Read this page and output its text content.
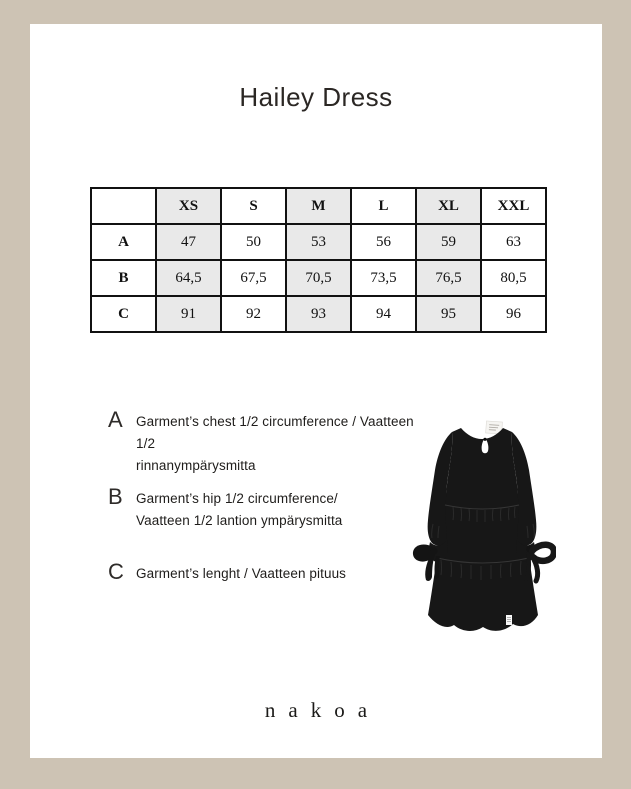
Hailey Dress
	XS	S	M	L	XL	XXL
A	47	50	53	56	59	63
B	64,5	67,5	70,5	73,5	76,5	80,5
C	91	92	93	94	95	96
A Garment’s chest 1/2 circumference / Vaatteen 1/2
rinnanympärysmitta
B Garment’s hip 1/2 circumference/
Vaatteen 1/2 lantion ympärysmitta
C Garment’s lenght / Vaatteen pituus
nakoa
